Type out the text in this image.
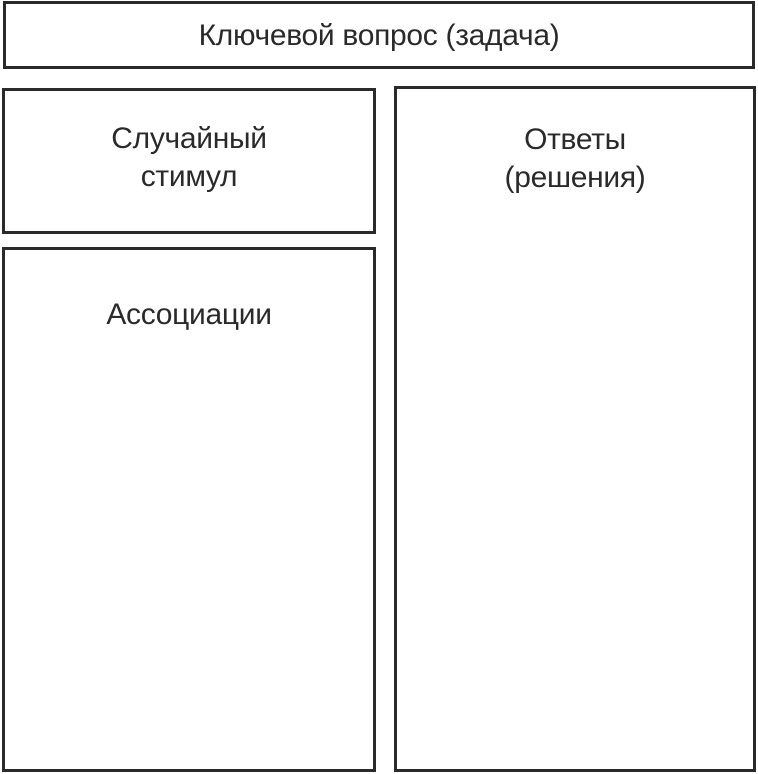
Ключевой вопрос (задача)
Случайный
стимул
Ассоциации
Ответы
(решения)
